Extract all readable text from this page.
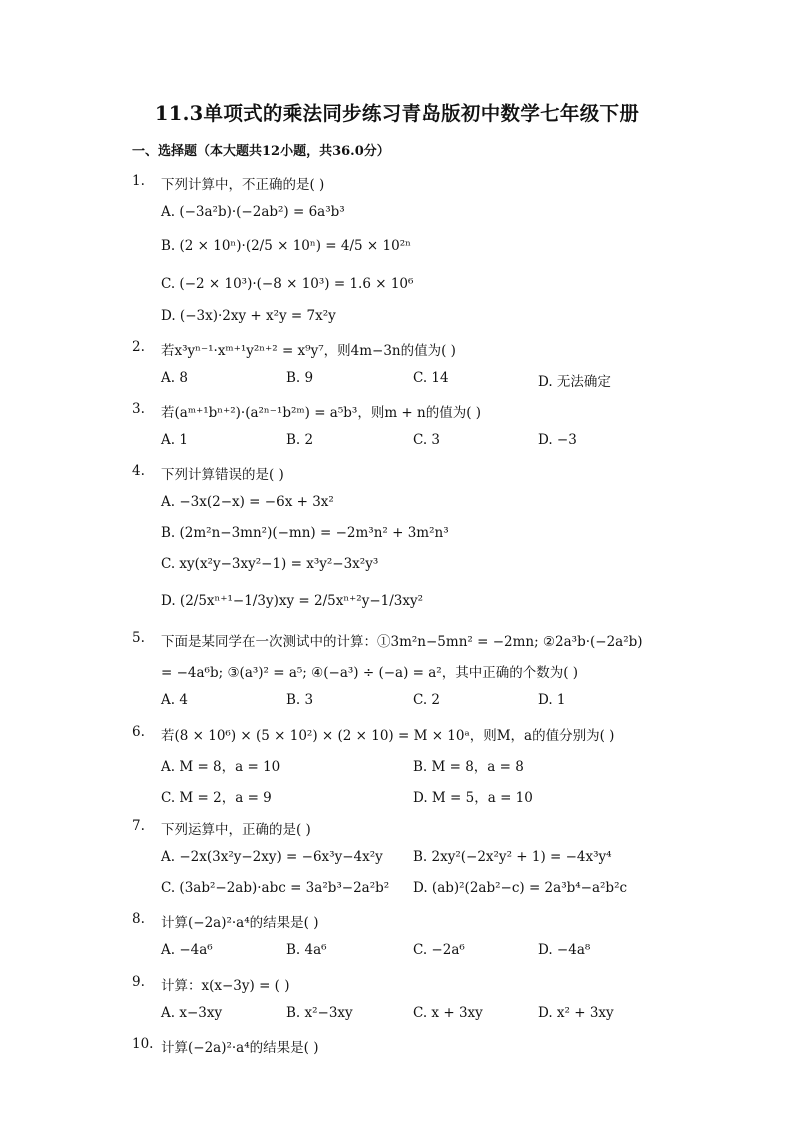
11.3单项式的乘法同步练习青岛版初中数学七年级下册
一、选择题（本大题共12小题，共36.0分）
1. 下列计算中，不正确的是( )
A. (−3a²b)·(−2ab²) = 6a³b³
B. (2 × 10ⁿ)·(2/5 × 10ⁿ) = 4/5 × 10²ⁿ
C. (−2 × 10³)·(−8 × 10³) = 1.6 × 10⁶
D. (−3x)·2xy + x²y = 7x²y
2. 若x³yⁿ⁻¹·xᵐ⁺¹y²ⁿ⁺² = x⁹y⁷，则4m−3n的值为( )
A. 8	B. 9	C. 14	D. 无法确定
3. 若(aᵐ⁺¹bⁿ⁺²)·(a²ⁿ⁻¹b²ᵐ) = a⁵b³，则m + n的值为( )
A. 1	B. 2	C. 3	D. −3
4. 下列计算错误的是( )
A. −3x(2−x) = −6x + 3x²
B. (2m²n−3mn²)(−mn) = −2m³n² + 3m²n³
C. xy(x²y−3xy²−1) = x³y²−3x²y³
D. (2/5xⁿ⁺¹−1/3y)xy = 2/5xⁿ⁺²y−1/3xy²
5. 下面是某同学在一次测试中的计算：①3m²n−5mn² = −2mn; ②2a³b·(−2a²b)
= −4a⁶b; ③(a³)² = a⁵; ④(−a³) ÷ (−a) = a²，其中正确的个数为( )
A. 4	B. 3	C. 2	D. 1
6. 若(8 × 10⁶) × (5 × 10²) × (2 × 10) = M × 10ᵃ，则M，a的值分别为( )
A. M = 8，a = 10	B. M = 8，a = 8
C. M = 2，a = 9	D. M = 5，a = 10
7. 下列运算中，正确的是( )
A. −2x(3x²y−2xy) = −6x³y−4x²y B. 2xy²(−2x²y² + 1) = −4x³y⁴
C. (3ab²−2ab)·abc = 3a²b³−2a²b² D. (ab)²(2ab²−c) = 2a³b⁴−a²b²c
8. 计算(−2a)²·a⁴的结果是( )
A. −4a⁶	B. 4a⁶	C. −2a⁶	D. −4a⁸
9. 计算：x(x−3y) = ( )
A. x−3xy	B. x²−3xy	C. x + 3xy	D. x² + 3xy
10. 计算(−2a)²·a⁴的结果是( )
